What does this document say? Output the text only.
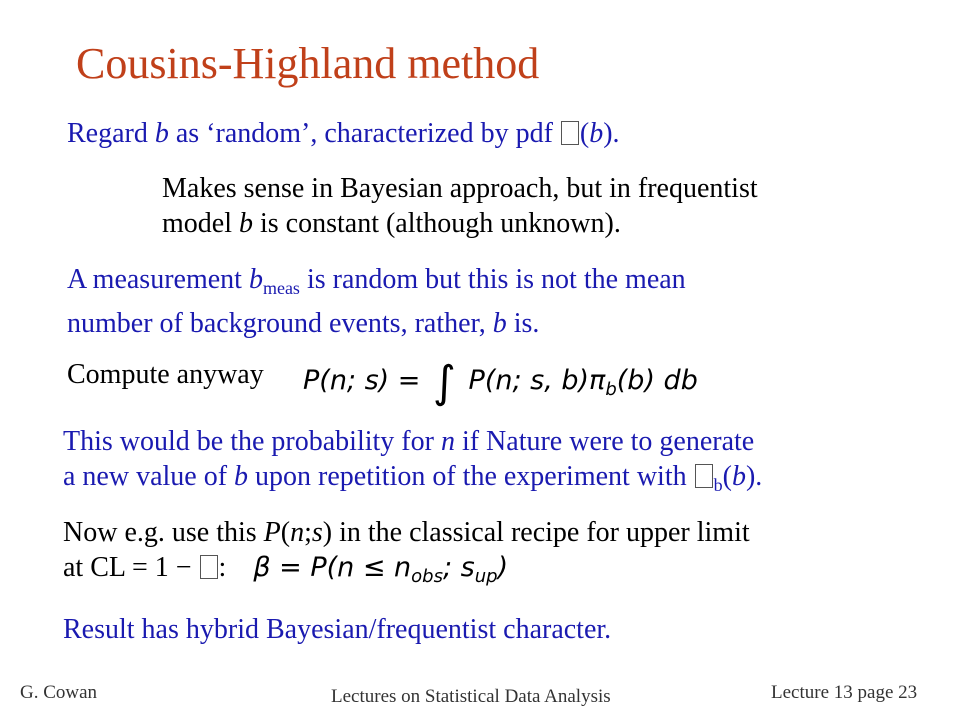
Cousins-Highland method
Regard b as ‘random’, characterized by pdf (b).
Makes sense in Bayesian approach, but in frequentist
model b is constant (although unknown).
A measurement $b_{meas}$ is random but this is not the mean
number of background events, rather, b is.
Compute anyway P(n; s) = ∫ P(n; s, $b)\pi_b(b)$ db
This would be the probability for n if Nature were to generate
a new value of b upon repetition of the experiment with $_b$(b).
Now e.g. use this P(n;s) in the classical recipe for upper limit
at CL = 1 − : $\beta = P(n \le n_{obs}$; $s_{up}$)
Result has hybrid Bayesian/frequentist character.
G. Cowan	Lectures on Statistical Data Analysis	Lecture 13 page 23
